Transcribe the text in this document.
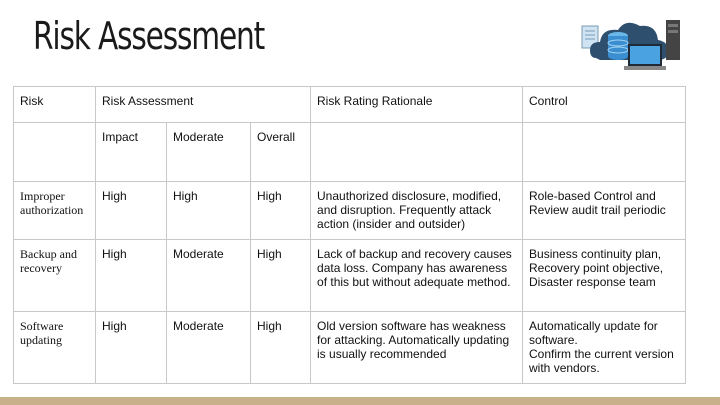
Risk Assessment
Risk	Risk Assessment			Risk Rating Rationale	Control
	Impact	Moderate	Overall		
Improper authorization	High	High	High	Unauthorized disclosure, modified, and disruption. Frequently attack action (insider and outsider)	Role-based Control and Review audit trail periodic
Backup and recovery	High	Moderate	High	Lack of backup and recovery causes data loss. Company has awareness of this but without adequate method.	Business continuity plan, Recovery point objective, Disaster response team
Software updating	High	Moderate	High	Old version software has weakness for attacking. Automatically updating is usually recommended	Automatically update for software.
Confirm the current version with vendors.
